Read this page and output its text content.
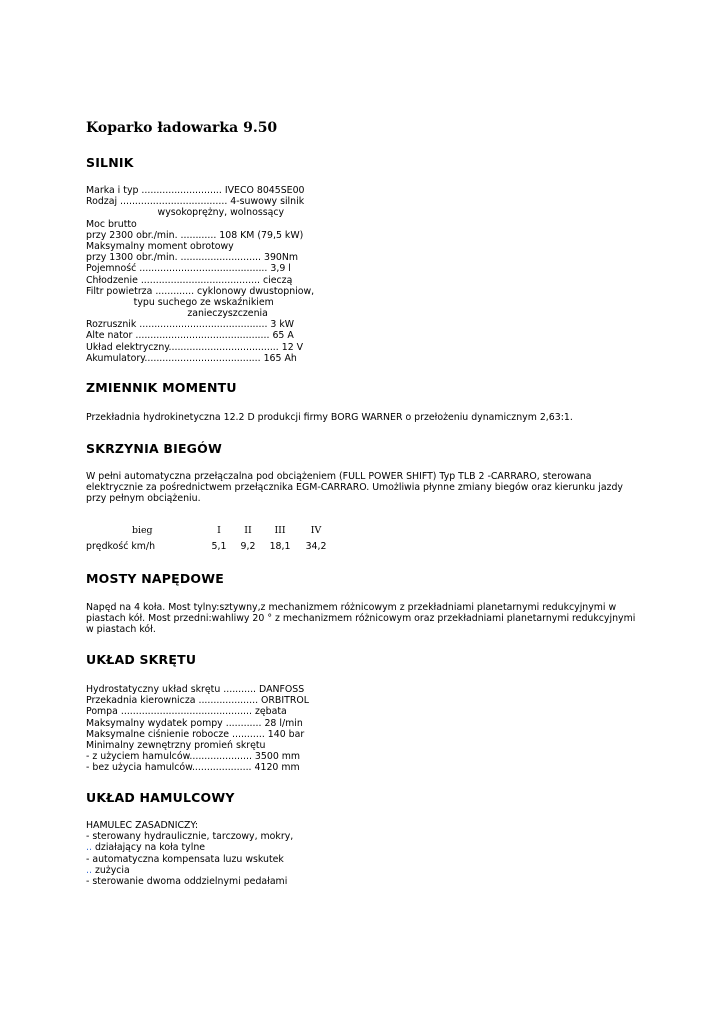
Koparko ładowarka 9.50
SILNIK
Marka i typ ........................... IVECO 8045SE00
Rodzaj .................................... 4-suwowy silnik
wysokoprężny, wolnossący
Moc brutto
przy 2300 obr./min. ............ 108 KM (79,5 kW)
Maksymalny moment obrotowy
przy 1300 obr./min. ........................... 390Nm
Pojemność ........................................... 3,9 l
Chłodzenie ........................................ cieczą
Filtr powietrza ............. cyklonowy dwustopniow,
typu suchego ze wskaźnikiem
zanieczyszczenia
Rozrusznik ........................................... 3 kW
Alte nator ............................................. 65 A
Układ elektryczny..................................... 12 V
Akumulatory....................................... 165 Ah
ZMIENNIK MOMENTU
Przekładnia hydrokinetyczna 12.2 D produkcji firmy BORG WARNER o przełożeniu dynamicznym 2,63:1.
SKRZYNIA BIEGÓW
W pełni automatyczna przełączalna pod obciążeniem (FULL POWER SHIFT) Typ TLB 2 -CARRARO, sterowana elektrycznie za pośrednictwem przełącznika EGM-CARRARO. Umożliwia płynne zmiany biegów oraz kierunku jazdy przy pełnym obciążeniu.
bieg	I	II	III	IV
prędkość km/h	5,1	9,2	18,1	34,2
MOSTY NAPĘDOWE
Napęd na 4 koła. Most tylny:sztywny,z mechanizmem różnicowym z przekładniami planetarnymi redukcyjnymi w piastach kół. Most przedni:wahliwy 20 ° z mechanizmem różnicowym oraz przekładniami planetarnymi redukcyjnymi w piastach kół.
UKŁAD SKRĘTU
Hydrostatyczny układ skrętu ........... DANFOSS
Przekadnia kierownicza .................... ORBITROL
Pompa ............................................ zębata
Maksymalny wydatek pompy ............ 28 l/min
Maksymalne ciśnienie robocze ........... 140 bar
Minimalny zewnętrzny promień skrętu
- z użyciem hamulców..................... 3500 mm
- bez użycia hamulców.................... 4120 mm
UKŁAD HAMULCOWY
HAMULEC ZASADNICZY:
- sterowany hydraulicznie, tarczowy, mokry,
.. działający na koła tylne
- automatyczna kompensata luzu wskutek
.. zużycia
- sterowanie dwoma oddzielnymi pedałami
